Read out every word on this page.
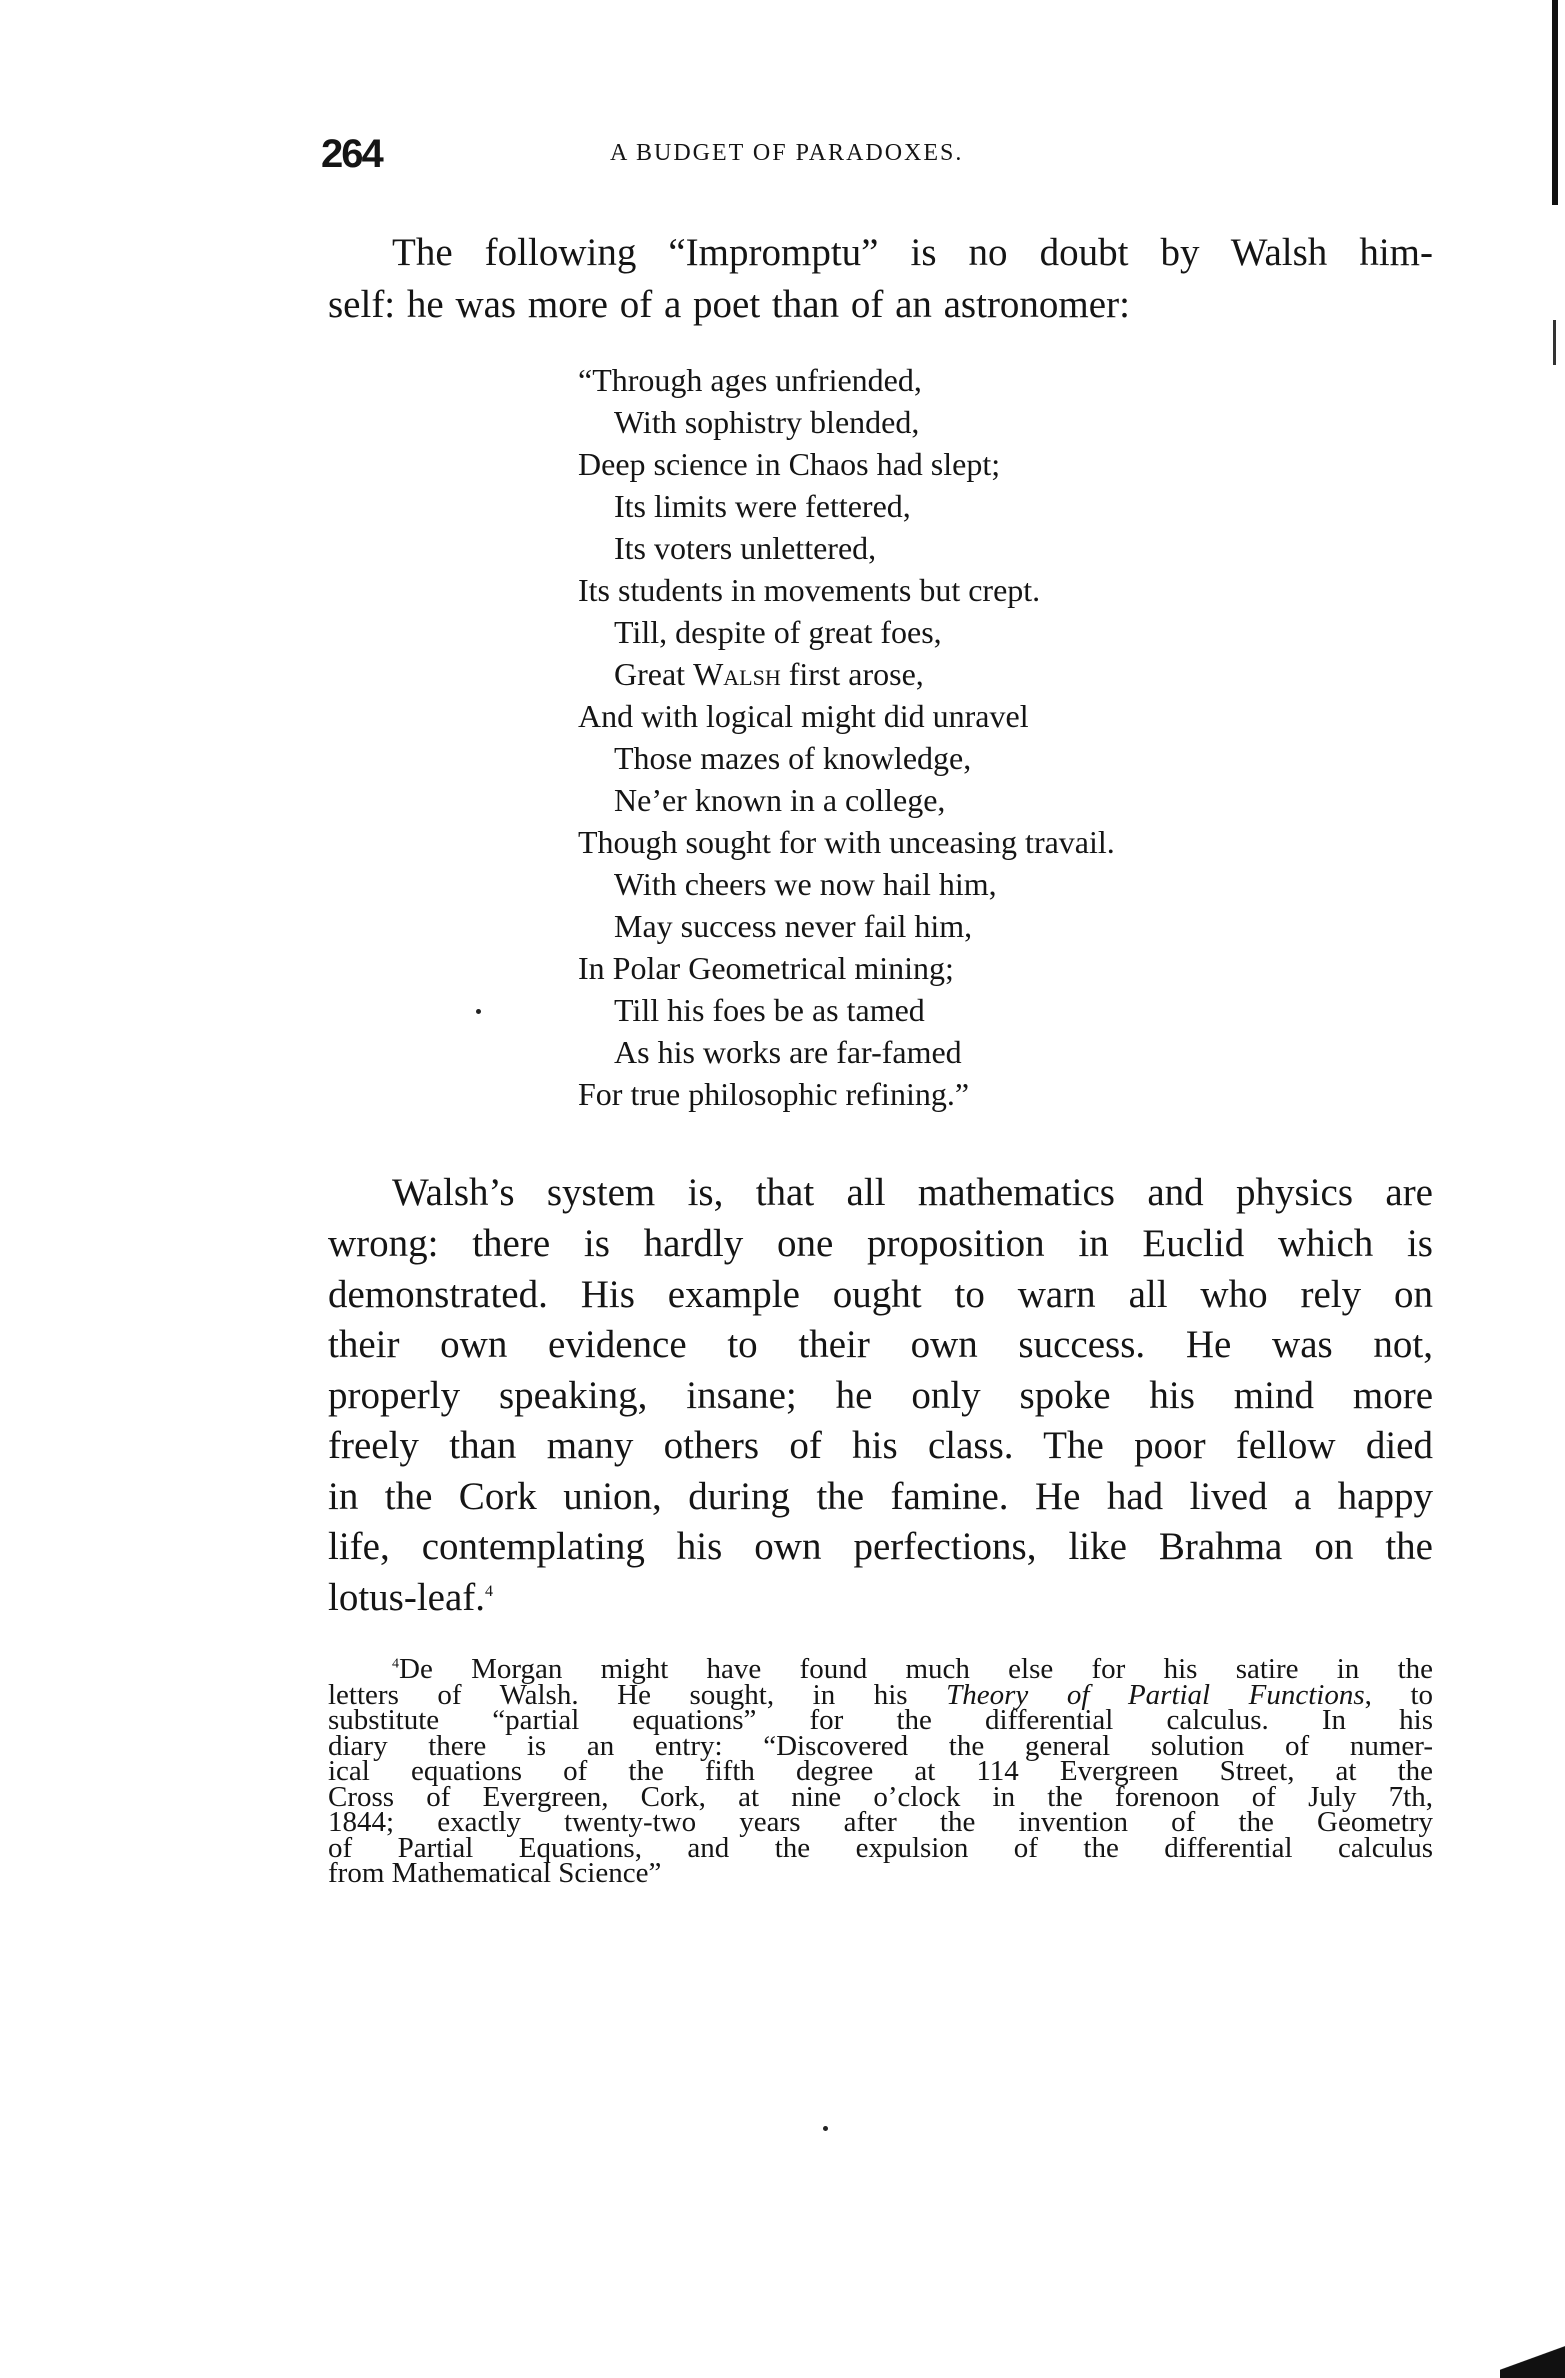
264	A BUDGET OF PARADOXES.
The following “Impromptu” is no doubt by Walsh him-
self: he was more of a poet than of an astronomer:
“Through ages unfriended,
With sophistry blended,
Deep science in Chaos had slept;
Its limits were fettered,
Its voters unlettered,
Its students in movements but crept.
Till, despite of great foes,
Great Walsh first arose,
And with logical might did unravel
Those mazes of knowledge,
Ne’er known in a college,
Though sought for with unceasing travail.
With cheers we now hail him,
May success never fail him,
In Polar Geometrical mining;
Till his foes be as tamed
As his works are far-famed
For true philosophic refining.”
Walsh’s system is, that all mathematics and physics are
wrong: there is hardly one proposition in Euclid which is
demonstrated. His example ought to warn all who rely on
their own evidence to their own success. He was not,
properly speaking, insane; he only spoke his mind more
freely than many others of his class. The poor fellow died
in the Cork union, during the famine. He had lived a happy
life, contemplating his own perfections, like Brahma on the
lotus-leaf.$^4$
$^4$De Morgan might have found much else for his satire in the
letters of Walsh. He sought, in his Theory of Partial Functions, to
substitute “partial equations” for the differential calculus. In his
diary there is an entry: “Discovered the general solution of numer-
ical equations of the fifth degree at 114 Evergreen Street, at the
Cross of Evergreen, Cork, at nine o’clock in the forenoon of July 7th,
1844; exactly twenty-two years after the invention of the Geometry
of Partial Equations, and the expulsion of the differential calculus
from Mathematical Science”
